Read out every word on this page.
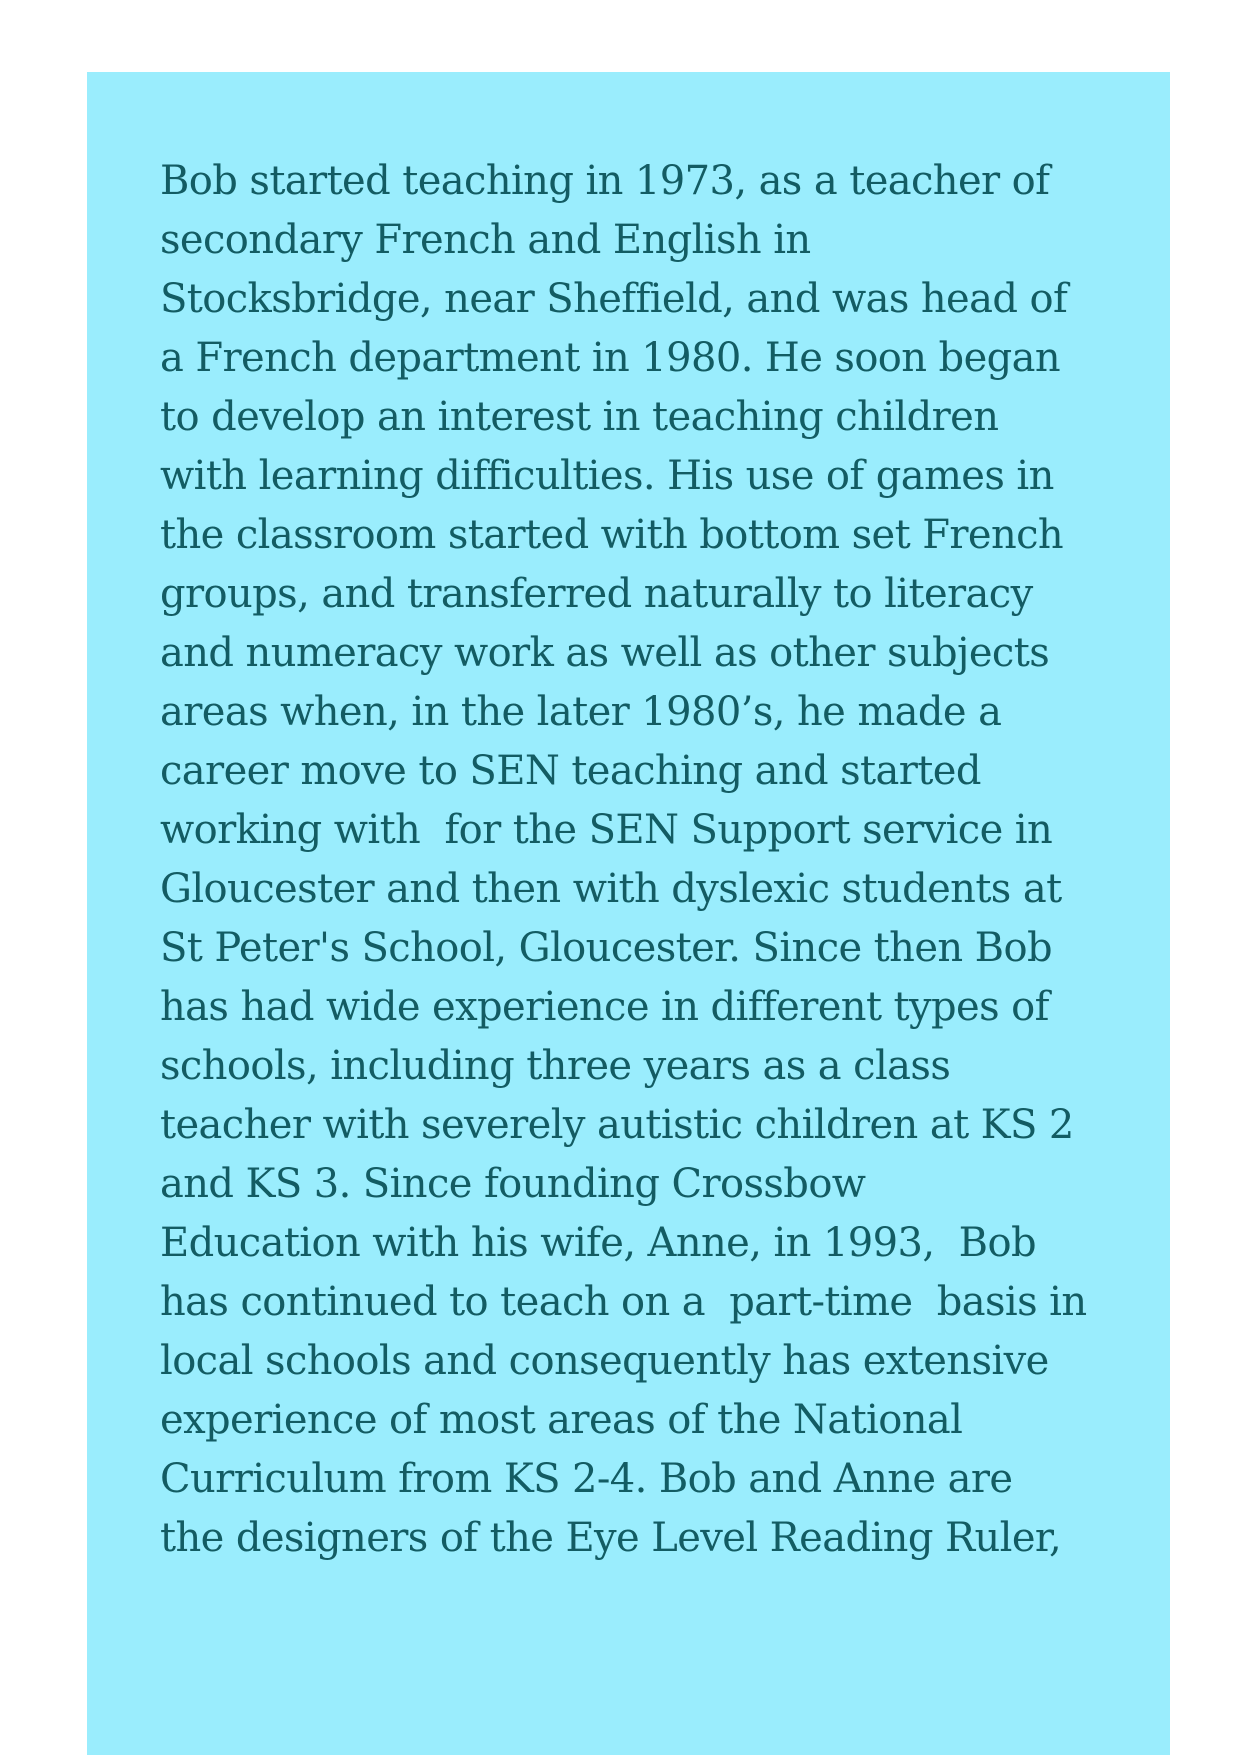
Bob started teaching in 1973, as a teacher of
secondary French and English in
Stocksbridge, near Sheffield, and was head of
a French department in 1980. He soon began
to develop an interest in teaching children
with learning difficulties. His use of games in
the classroom started with bottom set French
groups, and transferred naturally to literacy
and numeracy work as well as other subjects
areas when, in the later 1980’s, he made a
career move to SEN teaching and started
working with  for the SEN Support service in
Gloucester and then with dyslexic students at
St Peter's School, Gloucester. Since then Bob
has had wide experience in different types of
schools, including three years as a class
teacher with severely autistic children at KS 2
and KS 3. Since founding Crossbow
Education with his wife, Anne, in 1993,  Bob
has continued to teach on a  part-time  basis in
local schools and consequently has extensive
experience of most areas of the National
Curriculum from KS 2-4. Bob and Anne are
the designers of the Eye Level Reading Ruler,
